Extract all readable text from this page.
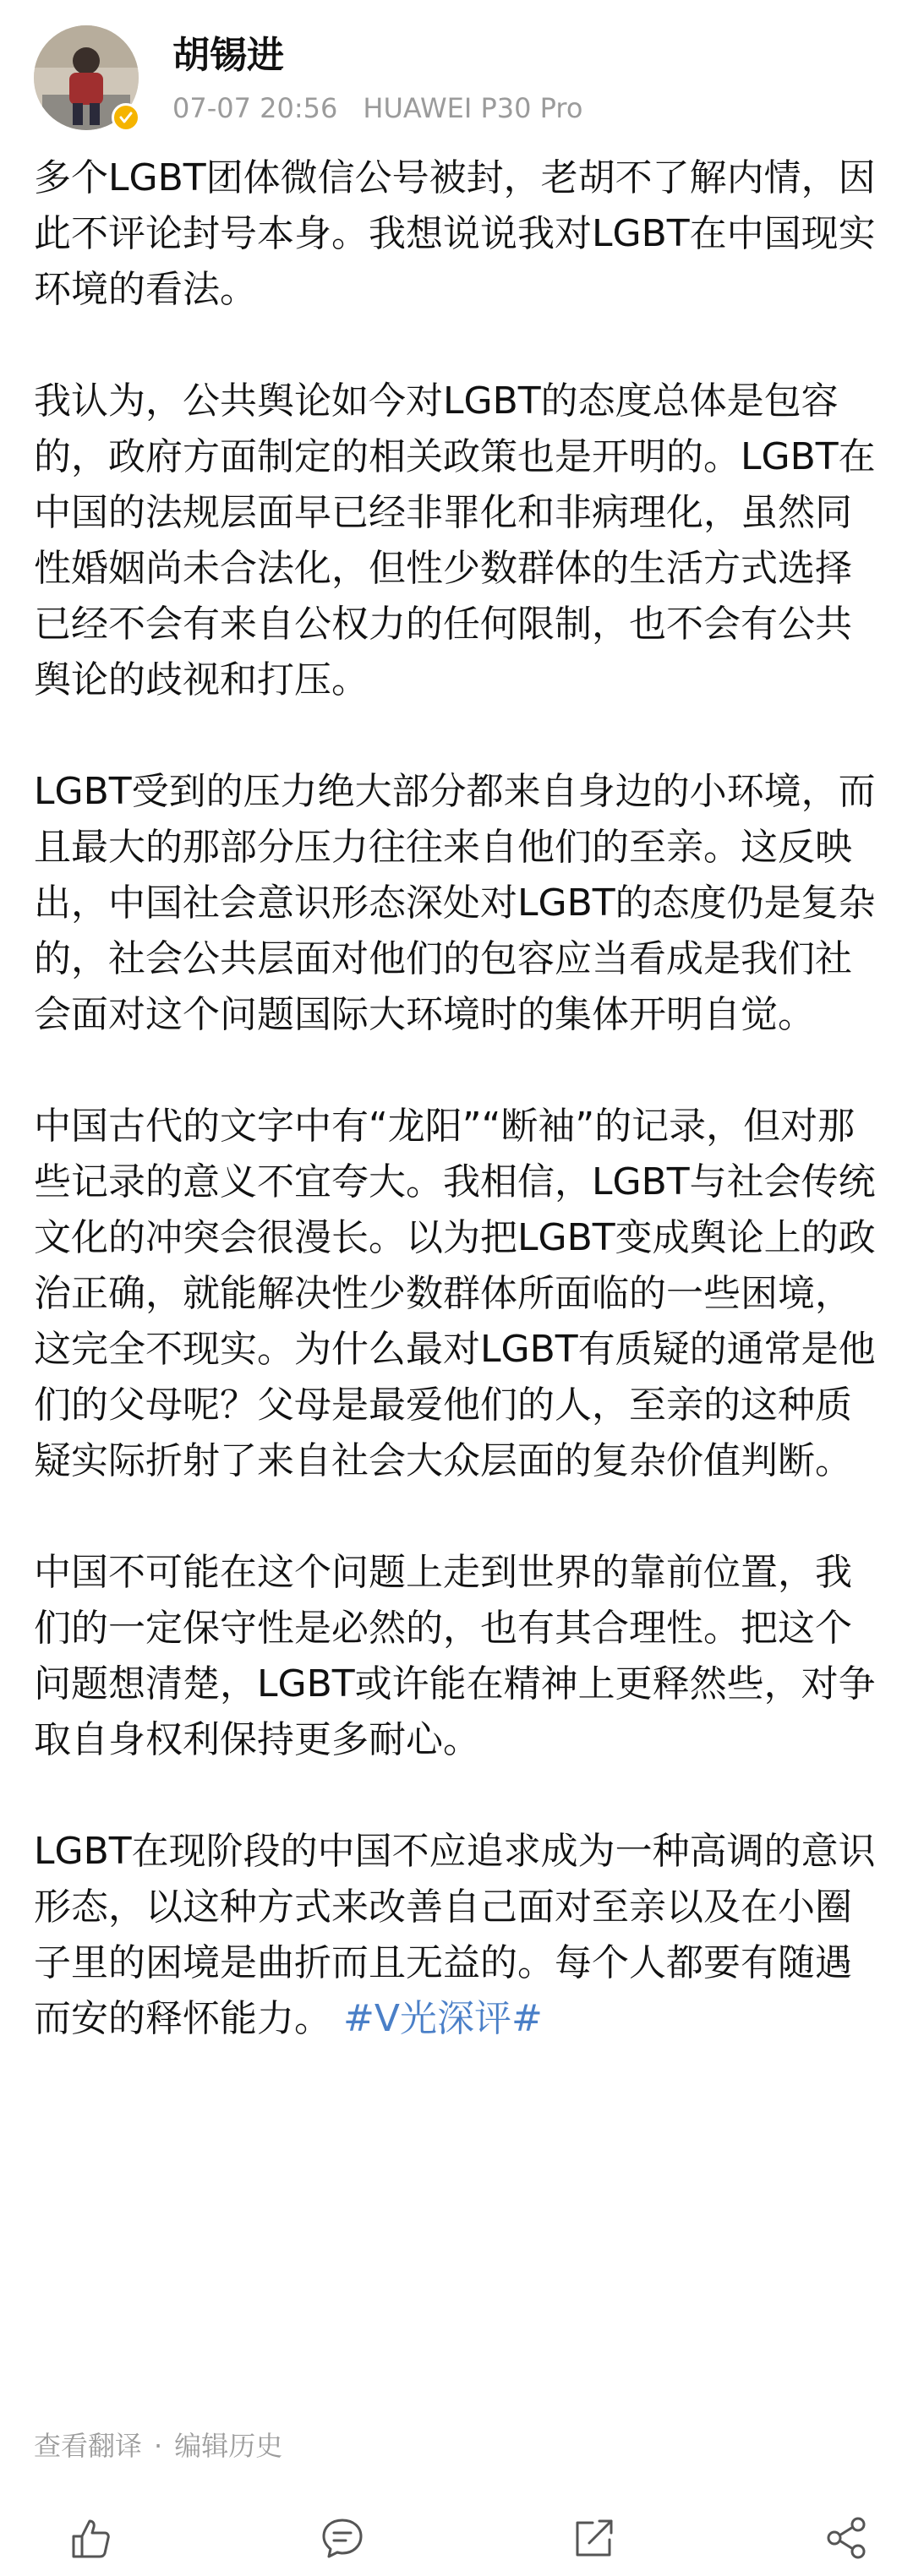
胡锡进
07-07 20:56 HUAWEI P30 Pro

多个LGBT团体微信公号被封，老胡不了解内情，因此不评论封号本身。我想说说我对LGBT在中国现实环境的看法。

我认为，公共舆论如今对LGBT的态度总体是包容的，政府方面制定的相关政策也是开明的。LGBT在中国的法规层面早已经非罪化和非病理化，虽然同性婚姻尚未合法化，但性少数群体的生活方式选择已经不会有来自公权力的任何限制，也不会有公共舆论的歧视和打压。

LGBT受到的压力绝大部分都来自身边的小环境，而且最大的那部分压力往往来自他们的至亲。这反映出，中国社会意识形态深处对LGBT的态度仍是复杂的，社会公共层面对他们的包容应当看成是我们社会面对这个问题国际大环境时的集体开明自觉。

中国古代的文字中有“龙阳”“断袖”的记录，但对那些记录的意义不宜夸大。我相信，LGBT与社会传统文化的冲突会很漫长。以为把LGBT变成舆论上的政治正确，就能解决性少数群体所面临的一些困境，这完全不现实。为什么最对LGBT有质疑的通常是他们的父母呢？父母是最爱他们的人，至亲的这种质疑实际折射了来自社会大众层面的复杂价值判断。

中国不可能在这个问题上走到世界的靠前位置，我们的一定保守性是必然的，也有其合理性。把这个问题想清楚，LGBT或许能在精神上更释然些，对争取自身权利保持更多耐心。

LGBT在现阶段的中国不应追求成为一种高调的意识形态，以这种方式来改善自己面对至亲以及在小圈子里的困境是曲折而且无益的。每个人都要有随遇而安的释怀能力。 #V光深评#

查看翻译 · 编辑历史
